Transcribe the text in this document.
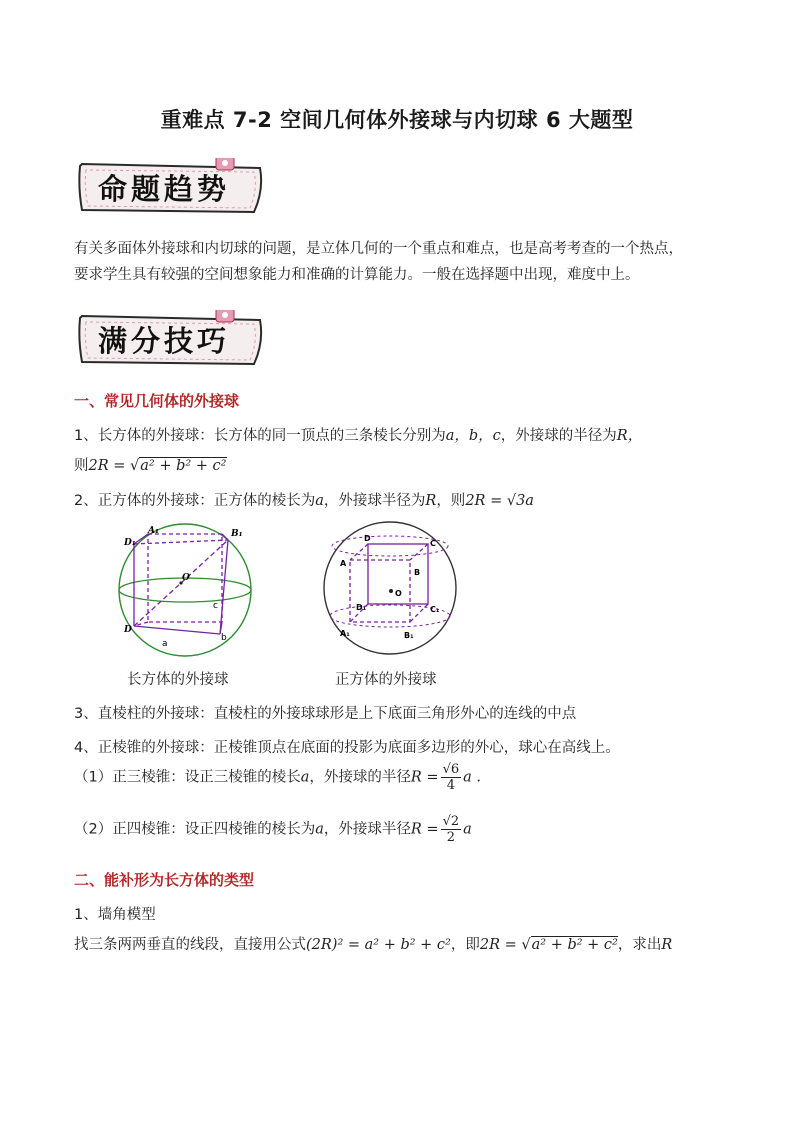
重难点 7-2 空间几何体外接球与内切球 6 大题型
命题趋势
有关多面体外接球和内切球的问题，是立体几何的一个重点和难点，也是高考考查的一个热点，
要求学生具有较强的空间想象能力和准确的计算能力。一般在选择题中出现，难度中上。
满分技巧
一、常见几何体的外接球
1、长方体的外接球：长方体的同一顶点的三条棱长分别为a，b，c，外接球的半径为R，
则2R = √a² + b² + c²
2、正方体的外接球：正方体的棱长为a，外接球半径为R，则2R = √3a
A₁	B₁
D₁
O
c
D
a
b
D
C
A
B
O
D₁	C₁
A₁	B₁
长方体的外接球	正方体的外接球
3、直棱柱的外接球：直棱柱的外接球球形是上下底面三角形外心的连线的中点
4、正棱锥的外接球：正棱锥顶点在底面的投影为底面多边形的外心，球心在高线上。
（1）正三棱锥：设正三棱锥的棱长a，外接球的半径$R = \frac{√6}{4}$ a .
（2）正四棱锥：设正四棱锥的棱长为a，外接球半径$R = \frac{√2}{2}$ a
二、能补形为长方体的类型
1、墙角模型
找三条两两垂直的线段，直接用公式(2R)² = a² + b² + c²，即2R = √a² + b² + c²，求出R
